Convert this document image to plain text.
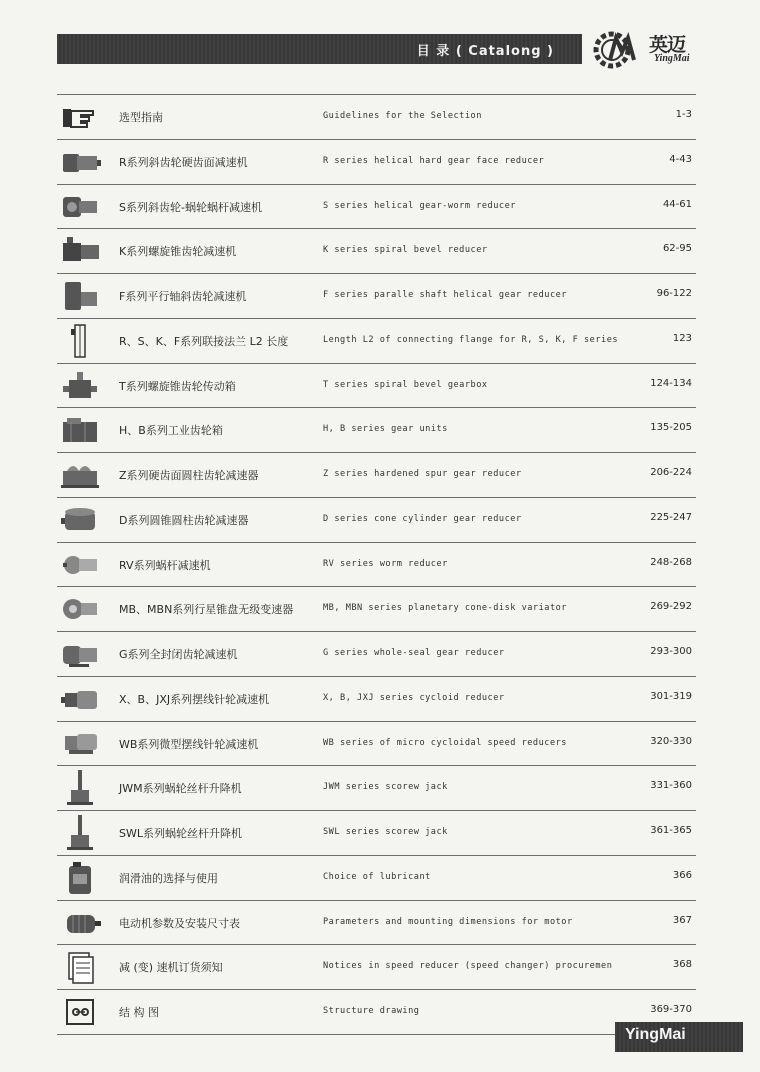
目 录 ( Catalong )	英迈
YingMai
选型指南	Guidelines for the Selection	1-3
R系列斜齿轮硬齿面减速机	R series helical hard gear face reducer	4-43
S系列斜齿轮-蜗轮蜗杆减速机	S series helical gear-worm reducer	44-61
K系列螺旋锥齿轮减速机	K series spiral bevel reducer	62-95
F系列平行轴斜齿轮减速机	F series paralle shaft helical gear reducer	96-122
R、S、K、F系列联接法兰 L2 长度	Length L2 of connecting flange for R, S, K, F series	123
T系列螺旋锥齿轮传动箱	T series spiral bevel gearbox	124-134
H、B系列工业齿轮箱	H, B series gear units	135-205
Z系列硬齿面圆柱齿轮减速器	Z series hardened spur gear reducer	206-224
D系列圆锥圆柱齿轮减速器	D series cone cylinder gear reducer	225-247
RV系列蜗杆减速机	RV series worm reducer	248-268
MB、MBN系列行星锥盘无级变速器	MB, MBN series planetary cone-disk variator	269-292
G系列全封闭齿轮减速机	G series whole-seal gear reducer	293-300
X、B、JXJ系列摆线针轮减速机	X, B, JXJ series cycloid reducer	301-319
WB系列微型摆线针轮减速机	WB series of micro cycloidal speed reducers	320-330
JWM系列蜗轮丝杆升降机	JWM series scorew jack	331-360
SWL系列蜗轮丝杆升降机	SWL series scorew jack	361-365
润滑油的选择与使用	Choice of lubricant	366
电动机参数及安装尺寸表	Parameters and mounting dimensions for motor	367
减 (变) 速机订货须知	Notices in speed reducer (speed changer) procuremen	368
结 构 图	Structure drawing	369-370
YingMai
